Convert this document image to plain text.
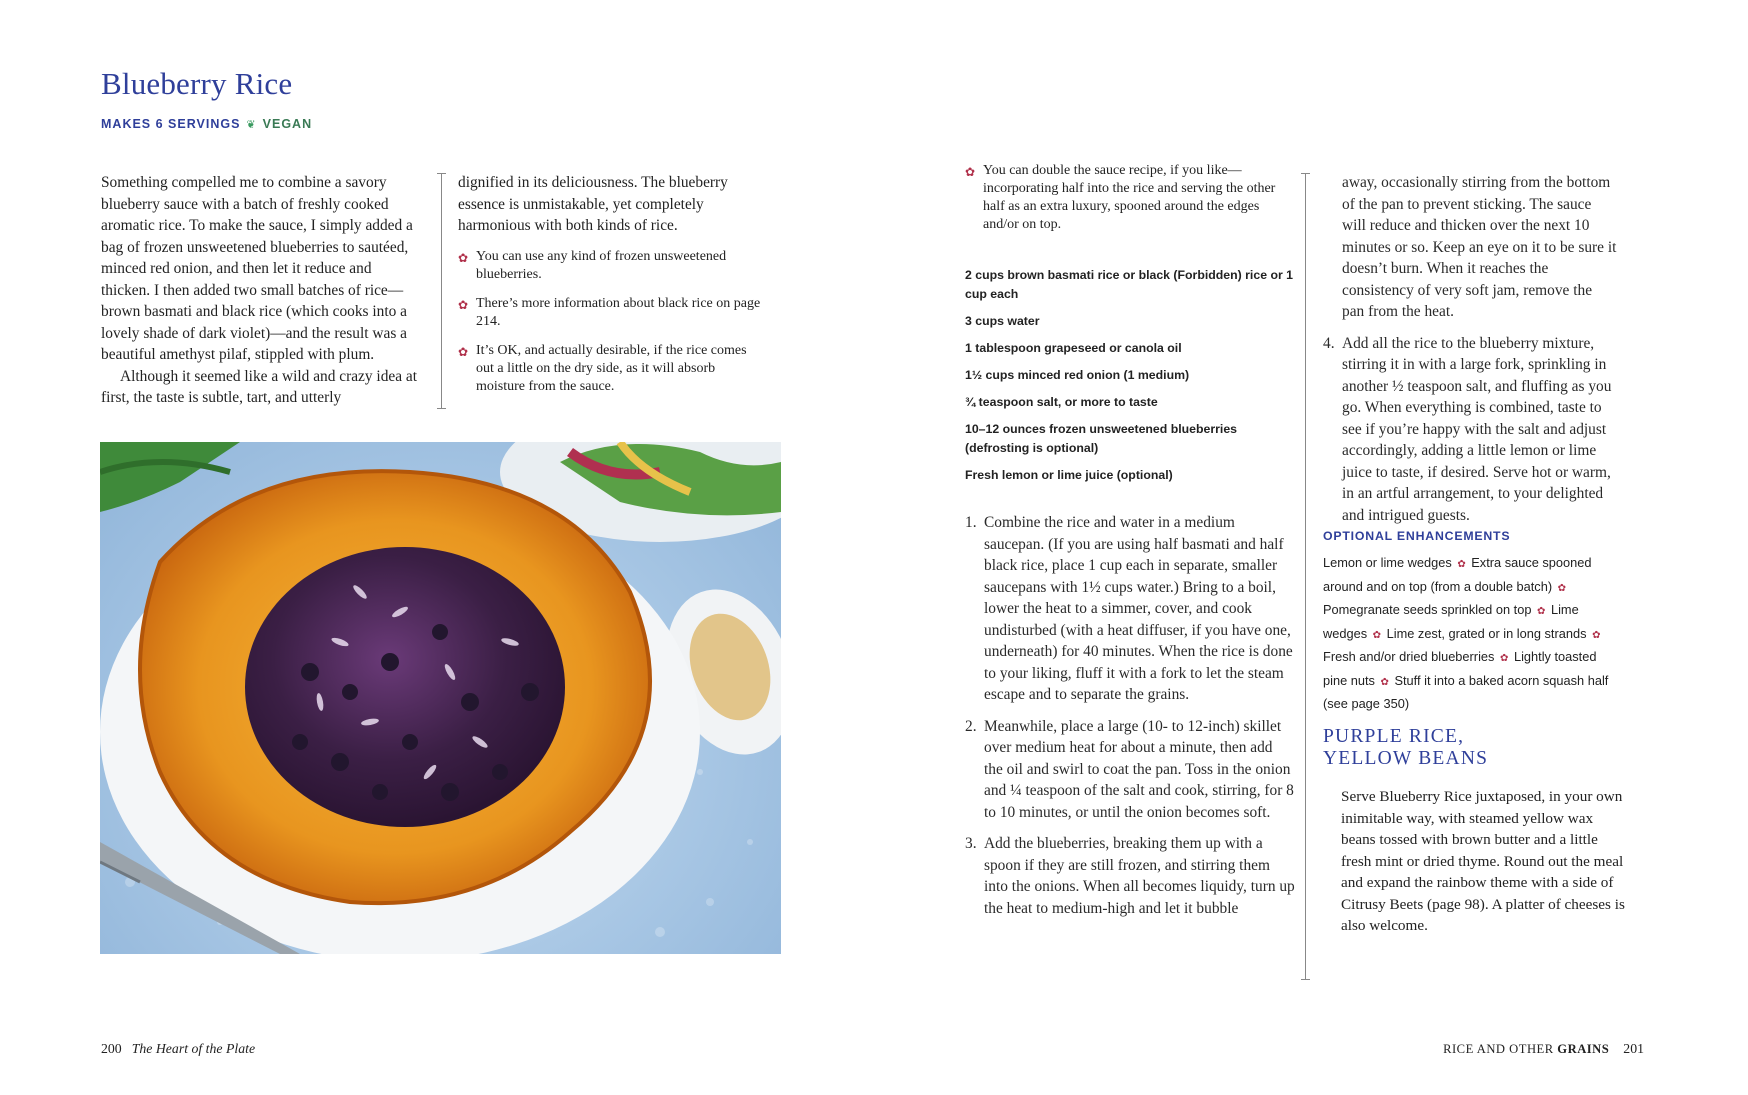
Blueberry Rice
MAKES 6 SERVINGS ❦ VEGAN

Something compelled me to combine a savory blueberry sauce with a batch of freshly cooked aromatic rice. To make the sauce, I simply added a bag of frozen unsweetened blueberries to sautéed, minced red onion, and then let it reduce and thicken. I then added two small batches of rice—brown basmati and black rice (which cooks into a lovely shade of dark violet)—and the result was a beautiful amethyst pilaf, stippled with plum.

Although it seemed like a wild and crazy idea at first, the taste is subtle, tart, and utterly

dignified in its deliciousness. The blueberry essence is unmistakable, yet completely harmonious with both kinds of rice.

✿ You can use any kind of frozen unsweetened blueberries.
✿ There’s more information about black rice on page 214.
✿ It’s OK, and actually desirable, if the rice comes out a little on the dry side, as it will absorb moisture from the sauce.
200 The Heart of the Plate
✿ You can double the sauce recipe, if you like—incorporating half into the rice and serving the other half as an extra luxury, spooned around the edges and/or on top.
2 cups brown basmati rice or black (Forbidden) rice or 1 cup each
3 cups water
1 tablespoon grapeseed or canola oil
1½ cups minced red onion (1 medium)
¾ teaspoon salt, or more to taste
10–12 ounces frozen unsweetened blueberries (defrosting is optional)
Fresh lemon or lime juice (optional)
1. Combine the rice and water in a medium saucepan. (If you are using half basmati and half black rice, place 1 cup each in separate, smaller saucepans with 1½ cups water.) Bring to a boil, lower the heat to a simmer, cover, and cook undisturbed (with a heat diffuser, if you have one, underneath) for 40 minutes. When the rice is done to your liking, fluff it with a fork to let the steam escape and to separate the grains.
2. Meanwhile, place a large (10- to 12-inch) skillet over medium heat for about a minute, then add the oil and swirl to coat the pan. Toss in the onion and ¼ teaspoon of the salt and cook, stirring, for 8 to 10 minutes, or until the onion becomes soft.
3. Add the blueberries, breaking them up with a spoon if they are still frozen, and stirring them into the onions. When all becomes liquidy, turn up the heat to medium-high and let it bubble
away, occasionally stirring from the bottom of the pan to prevent sticking. The sauce will reduce and thicken over the next 10 minutes or so. Keep an eye on it to be sure it doesn’t burn. When it reaches the consistency of very soft jam, remove the pan from the heat.
4. Add all the rice to the blueberry mixture, stirring it in with a large fork, sprinkling in another ½ teaspoon salt, and fluffing as you go. When everything is combined, taste to see if you’re happy with the salt and adjust accordingly, adding a little lemon or lime juice to taste, if desired. Serve hot or warm, in an artful arrangement, to your delighted and intrigued guests.
OPTIONAL ENHANCEMENTS
Lemon or lime wedges ✿ Extra sauce spooned around and on top (from a double batch) ✿ Pomegranate seeds sprinkled on top ✿ Lime wedges ✿ Lime zest, grated or in long strands ✿ Fresh and/or dried blueberries ✿ Lightly toasted pine nuts ✿ Stuff it into a baked acorn squash half (see page 350)
PURPLE RICE,
YELLOW BEANS

Serve Blueberry Rice juxtaposed, in your own inimitable way, with steamed yellow wax beans tossed with brown butter and a little fresh mint or dried thyme. Round out the meal and expand the rainbow theme with a side of Citrusy Beets (page 98). A platter of cheeses is also welcome.

RICE AND OTHER GRAINS 201
